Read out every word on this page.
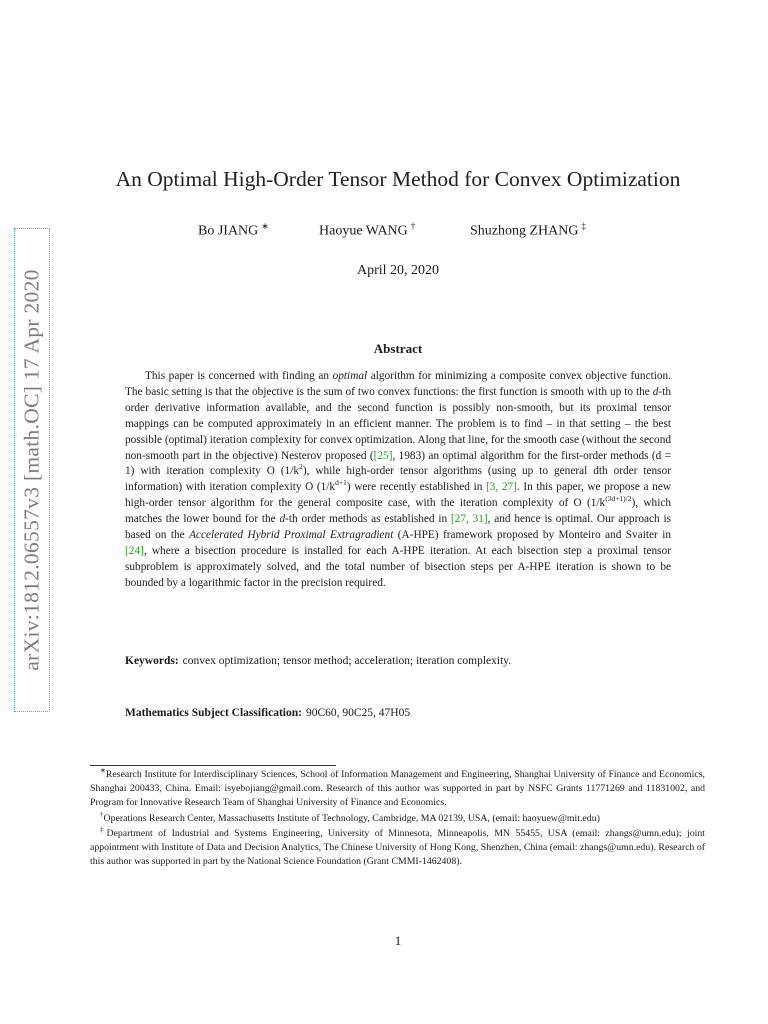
arXiv:1812.06557v3 [math.OC] 17 Apr 2020
An Optimal High-Order Tensor Method for Convex Optimization
Bo JIANG ∗	Haoyue WANG †	Shuzhong ZHANG ‡
April 20, 2020
Abstract
This paper is concerned with finding an optimal algorithm for minimizing a composite convex objective function. The basic setting is that the objective is the sum of two convex functions: the first function is smooth with up to the d-th order derivative information available, and the second function is possibly non-smooth, but its proximal tensor mappings can be computed approximately in an efficient manner. The problem is to find – in that setting – the best possible (optimal) iteration complexity for convex optimization. Along that line, for the smooth case (without the second non-smooth part in the objective) Nesterov proposed ([25], 1983) an optimal algorithm for the first-order methods (d = 1) with iteration complexity O $(1/k^2)$, while high-order tensor algorithms (using up to general dth order tensor information) with iteration complexity O $(1/k^{d+1})$ were recently established in [3, 27]. In this paper, we propose a new high-order tensor algorithm for the general composite case, with the iteration complexity of O $(1/k^{(3d+1)/2})$, which matches the lower bound for the d-th order methods as established in [27, 31], and hence is optimal. Our approach is based on the Accelerated Hybrid Proximal Extragradient (A-HPE) framework proposed by Monteiro and Svaiter in [24], where a bisection procedure is installed for each A-HPE iteration. At each bisection step a proximal tensor subproblem is approximately solved, and the total number of bisection steps per A-HPE iteration is shown to be bounded by a logarithmic factor in the precision required.
Keywords: convex optimization; tensor method; acceleration; iteration complexity.
Mathematics Subject Classification: 90C60, 90C25, 47H05

∗Research Institute for Interdisciplinary Sciences, School of Information Management and Engineering, Shanghai University of Finance and Economics, Shanghai 200433, China. Email: isyebojiang@gmail.com. Research of this author was supported in part by NSFC Grants 11771269 and 11831002, and Program for Innovative Research Team of Shanghai University of Finance and Economics.

†Operations Research Center, Massachusetts Institute of Technology, Cambridge, MA 02139, USA, (email: haoyuew@mit.edu)

‡Department of Industrial and Systems Engineering, University of Minnesota, Minneapolis, MN 55455, USA (email: zhangs@umn.edu); joint appointment with Institute of Data and Decision Analytics, The Chinese University of Hong Kong, Shenzhen, China (email: zhangs@umn.edu). Research of this author was supported in part by the National Science Foundation (Grant CMMI-1462408).

1
